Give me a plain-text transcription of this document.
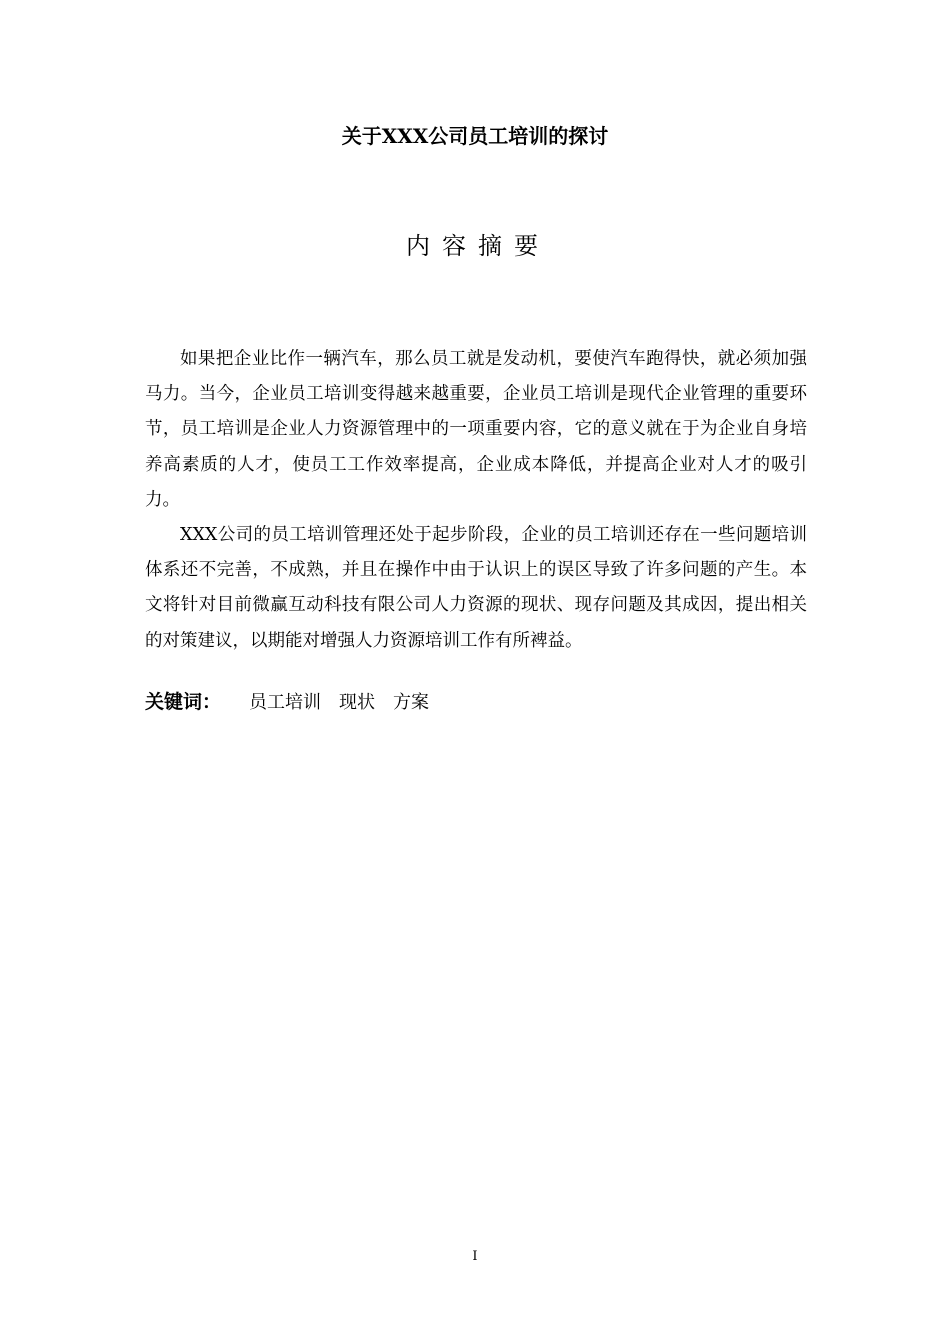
关于XXX公司员工培训的探讨
内容摘要

如果把企业比作一辆汽车，那么员工就是发动机，要使汽车跑得快，就必须加强马力。当今，企业员工培训变得越来越重要，企业员工培训是现代企业管理的重要环节，员工培训是企业人力资源管理中的一项重要内容，它的意义就在于为企业自身培养高素质的人才，使员工工作效率提高，企业成本降低，并提高企业对人才的吸引力。

XXX公司的员工培训管理还处于起步阶段，企业的员工培训还存在一些问题培训体系还不完善，不成熟，并且在操作中由于认识上的误区导致了许多问题的产生。本文将针对目前微赢互动科技有限公司人力资源的现状、现存问题及其成因，提出相关的对策建议，以期能对增强人力资源培训工作有所裨益。

关键词： 员工培训 现状 方案
I
